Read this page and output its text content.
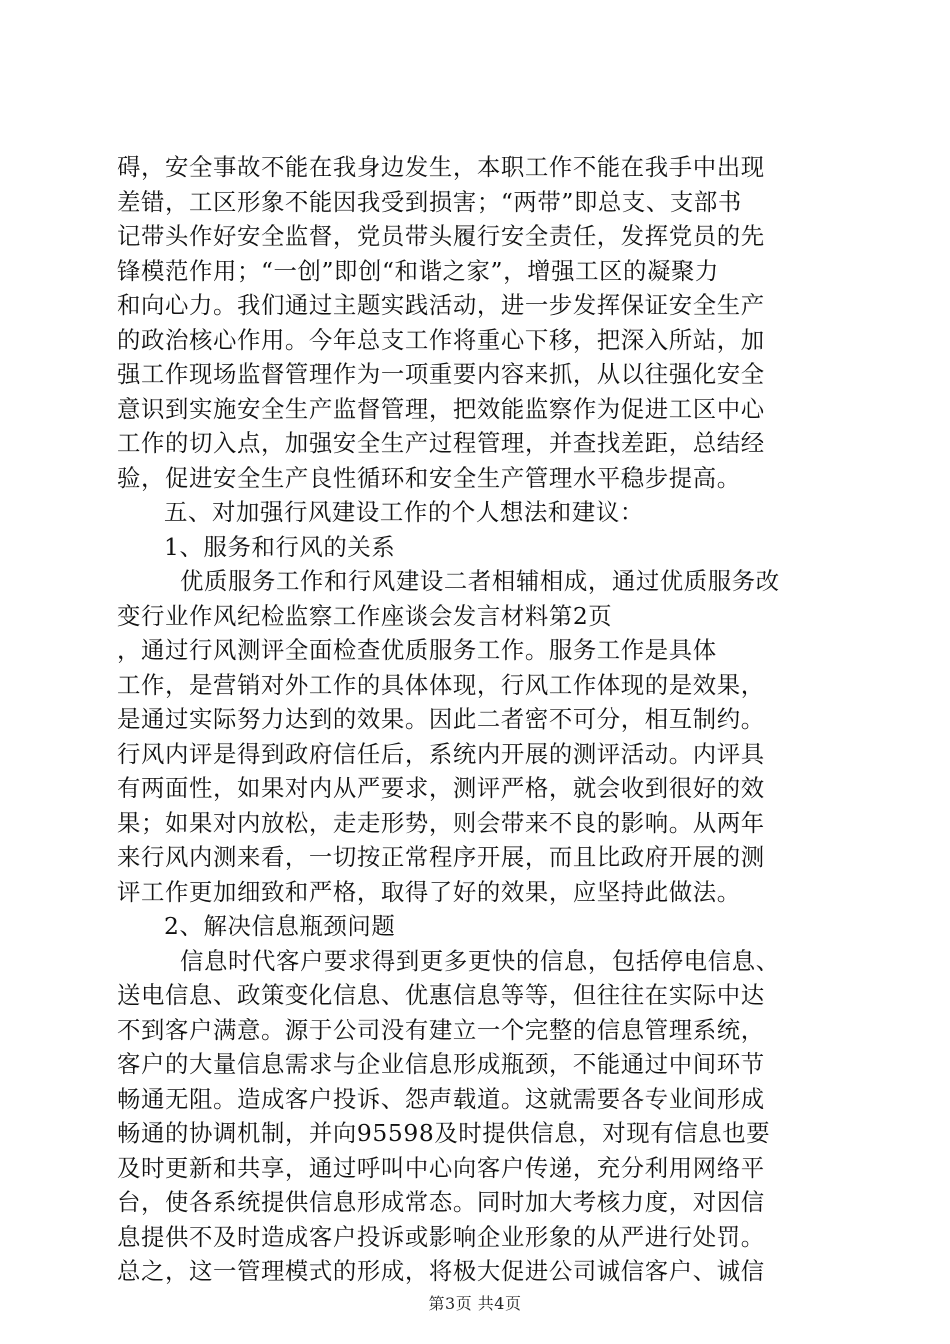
碍，安全事故不能在我身边发生，本职工作不能在我手中出现
差错，工区形象不能因我受到损害；“两带”即总支、支部书
记带头作好安全监督，党员带头履行安全责任，发挥党员的先
锋模范作用；“一创”即创“和谐之家”，增强工区的凝聚力
和向心力。我们通过主题实践活动，进一步发挥保证安全生产
的政治核心作用。今年总支工作将重心下移，把深入所站，加
强工作现场监督管理作为一项重要内容来抓，从以往强化安全
意识到实施安全生产监督管理，把效能监察作为促进工区中心
工作的切入点，加强安全生产过程管理，并查找差距，总结经
验，促进安全生产良性循环和安全生产管理水平稳步提高。
五、对加强行风建设工作的个人想法和建议：
1、服务和行风的关系
优质服务工作和行风建设二者相辅相成，通过优质服务改
变行业作风纪检监察工作座谈会发言材料第2页
，通过行风测评全面检查优质服务工作。服务工作是具体
工作，是营销对外工作的具体体现，行风工作体现的是效果，
是通过实际努力达到的效果。因此二者密不可分，相互制约。
行风内评是得到政府信任后，系统内开展的测评活动。内评具
有两面性，如果对内从严要求，测评严格，就会收到很好的效
果；如果对内放松，走走形势，则会带来不良的影响。从两年
来行风内测来看，一切按正常程序开展，而且比政府开展的测
评工作更加细致和严格，取得了好的效果，应坚持此做法。
2、解决信息瓶颈问题
信息时代客户要求得到更多更快的信息，包括停电信息、
送电信息、政策变化信息、优惠信息等等，但往往在实际中达
不到客户满意。源于公司没有建立一个完整的信息管理系统，
客户的大量信息需求与企业信息形成瓶颈，不能通过中间环节
畅通无阻。造成客户投诉、怨声载道。这就需要各专业间形成
畅通的协调机制，并向95598及时提供信息，对现有信息也要
及时更新和共享，通过呼叫中心向客户传递，充分利用网络平
台，使各系统提供信息形成常态。同时加大考核力度，对因信
息提供不及时造成客户投诉或影响企业形象的从严进行处罚。
总之，这一管理模式的形成，将极大促进公司诚信客户、诚信
第3页 共4页
